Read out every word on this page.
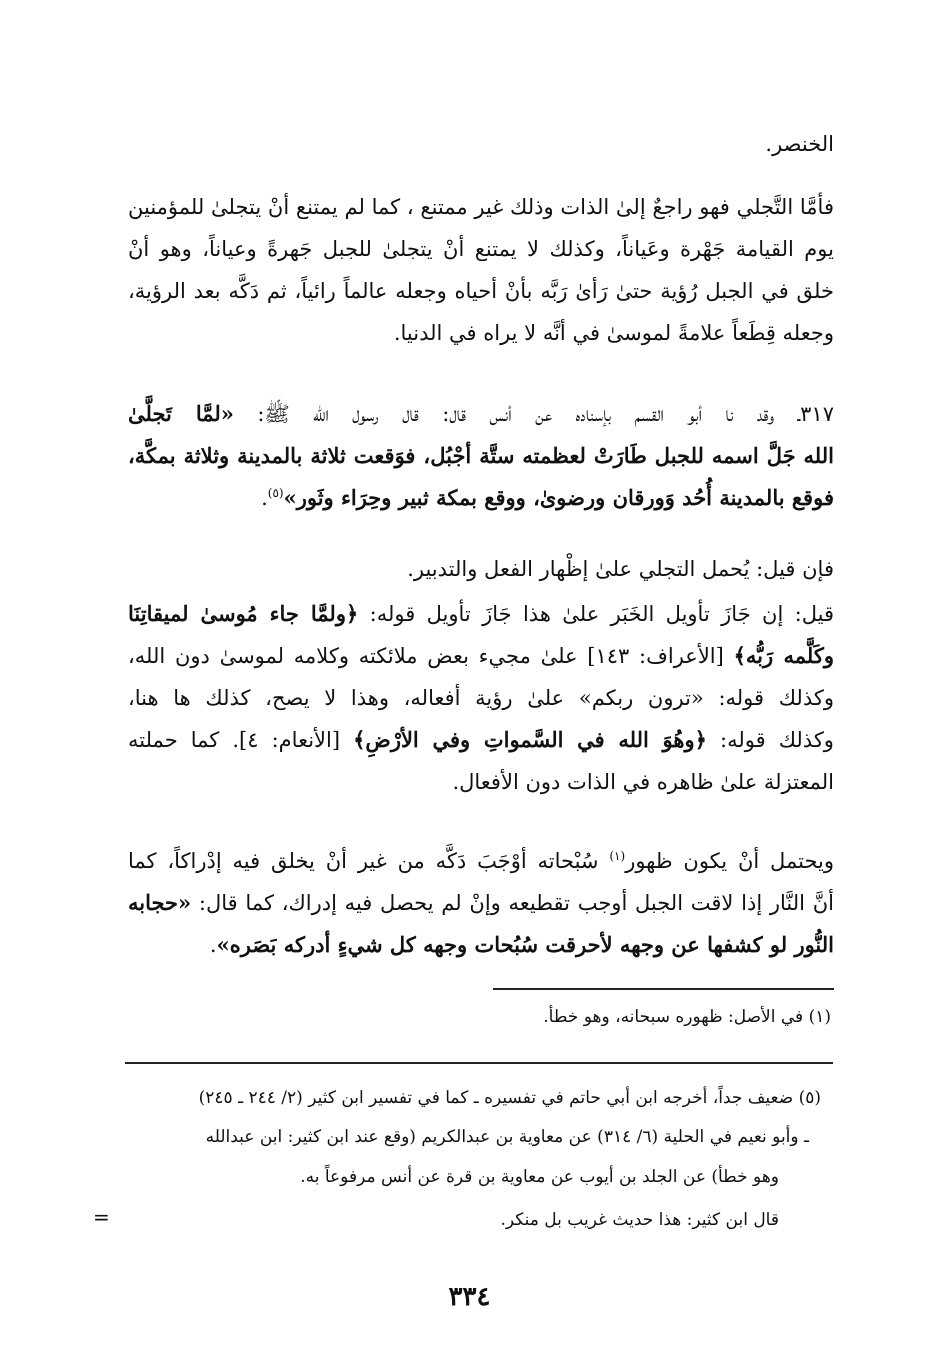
الخنصر.
فأمَّا التَّجلي فهو راجعٌ إلىٰ الذات وذلك غير ممتنع ، كما لم يمتنع أنْ يتجلىٰ للمؤمنين
يوم القيامة جَهْرة وعَياناً، وكذلك لا يمتنع أنْ يتجلىٰ للجبل جَهرةً وعياناً، وهو أنْ
خلق في الجبل رُؤية حتىٰ رَأىٰ رَبَّه بأنْ أحياه وجعله عالماً رائياً، ثم دَكَّه بعد الرؤية،
وجعله قِطَعاً علامةً لموسىٰ في أنَّه لا يراه في الدنيا.
٣١٧ـ وقد نا أبو القسم بإسناده عن أنس قال: قال رسول الله ﷺ: «لمَّا تَجلَّىٰ
الله جَلَّ اسمه للجبل طَارَتْ لعظمته ستَّة أجْبُل، فوَقعت ثلاثة بالمدينة وثلاثة بمكَّة،
فوقع بالمدينة أُحُد وَورقان ورضوىٰ، ووقع بمكة ثبير وحِرَاء وثَور»$^{(٥)}$.
فإن قيل: يُحمل التجلي علىٰ إظْهار الفعل والتدبير.
قيل: إن جَازَ تأويل الخَبَر علىٰ هذا جَازَ تأويل قوله: ﴿ولمَّا جاء مُوسىٰ لميقاتِنَا
وكَلَّمه رَبُّه﴾ [الأعراف: ١٤٣] علىٰ مجيء بعض ملائكته وكلامه لموسىٰ دون الله،
وكذلك قوله: «ترون ربكم» علىٰ رؤية أفعاله، وهذا لا يصح، كذلك ها هنا،
وكذلك قوله: ﴿وهُوَ الله في السَّمواتِ وفي الأرْضِ﴾ [الأنعام: ٤]. كما حملته
المعتزلة علىٰ ظاهره في الذات دون الأفعال.
ويحتمل أنْ يكون ظهور$^{(١)}$ سُبْحاته أوْجَبَ دَكَّه من غير أنْ يخلق فيه إدْراكاً، كما
أنَّ النَّار إذا لاقت الجبل أوجب تقطيعه وإنْ لم يحصل فيه إدراك، كما قال: «حجابه
النُّور لو كشفها عن وجهه لأحرقت سُبُحات وجهه كل شيءٍ أدركه بَصَره».
(١) في الأصل: ظهوره سبحانه، وهو خطأ.
(٥) ضعيف جداً، أخرجه ابن أبي حاتم في تفسيره ـ كما في تفسير ابن كثير (٢/ ٢٤٤ ـ ٢٤٥)
ـ وأبو نعيم في الحلية (٦/ ٣١٤) عن معاوية بن عبدالكريم (وقع عند ابن كثير: ابن عبدالله
وهو خطأ) عن الجلد بن أيوب عن معاوية بن قرة عن أنس مرفوعاً به.
قال ابن كثير: هذا حديث غريب بل منكر.
=
٣٣٤
